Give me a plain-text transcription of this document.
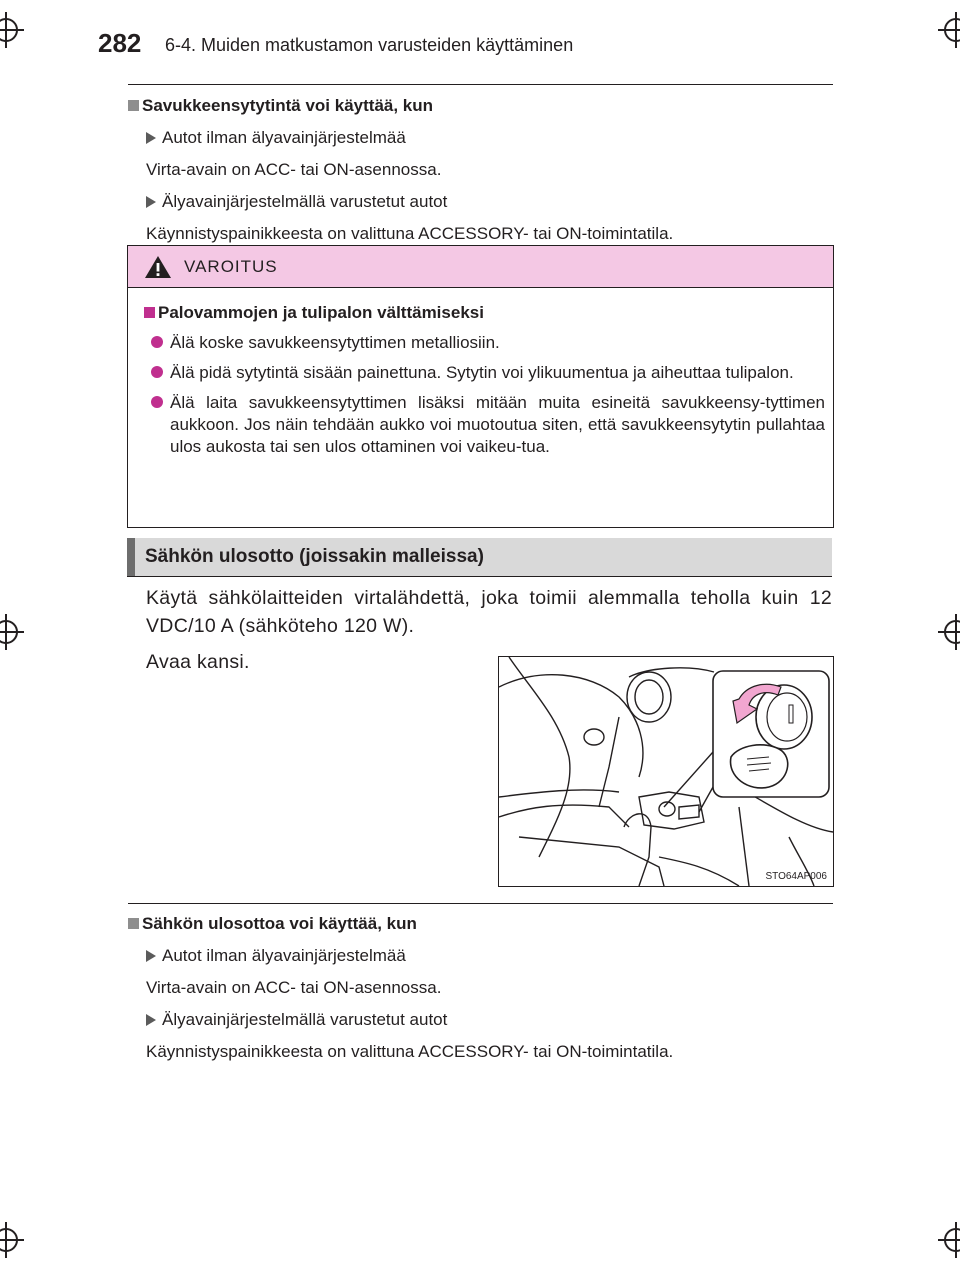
282 6-4. Muiden matkustamon varusteiden käyttäminen
Savukkeensytytintä voi käyttää, kun
Autot ilman älyavainjärjestelmää
Virta-avain on ACC- tai ON-asennossa.
Älyavainjärjestelmällä varustetut autot
Käynnistyspainikkeesta on valittuna ACCESSORY- tai ON-toimintatila.
VAROITUS
Palovammojen ja tulipalon välttämiseksi
Älä koske savukkeensytyttimen metalliosiin.
Älä pidä sytytintä sisään painettuna. Sytytin voi ylikuumentua ja aiheuttaa tulipalon.
Älä laita savukkeensytyttimen lisäksi mitään muita esineitä savukkeensy-tyttimen aukkoon. Jos näin tehdään aukko voi muotoutua siten, että savukkeensytytin pullahtaa ulos aukosta tai sen ulos ottaminen voi vaikeu-tua.
Sähkön ulosotto (joissakin malleissa)
Käytä sähkölaitteiden virtalähdettä, joka toimii alemmalla teholla kuin 12 VDC/10 A (sähköteho 120 W).
Avaa kansi.
STO64AP006
Sähkön ulosottoa voi käyttää, kun
Autot ilman älyavainjärjestelmää
Virta-avain on ACC- tai ON-asennossa.
Älyavainjärjestelmällä varustetut autot
Käynnistyspainikkeesta on valittuna ACCESSORY- tai ON-toimintatila.
